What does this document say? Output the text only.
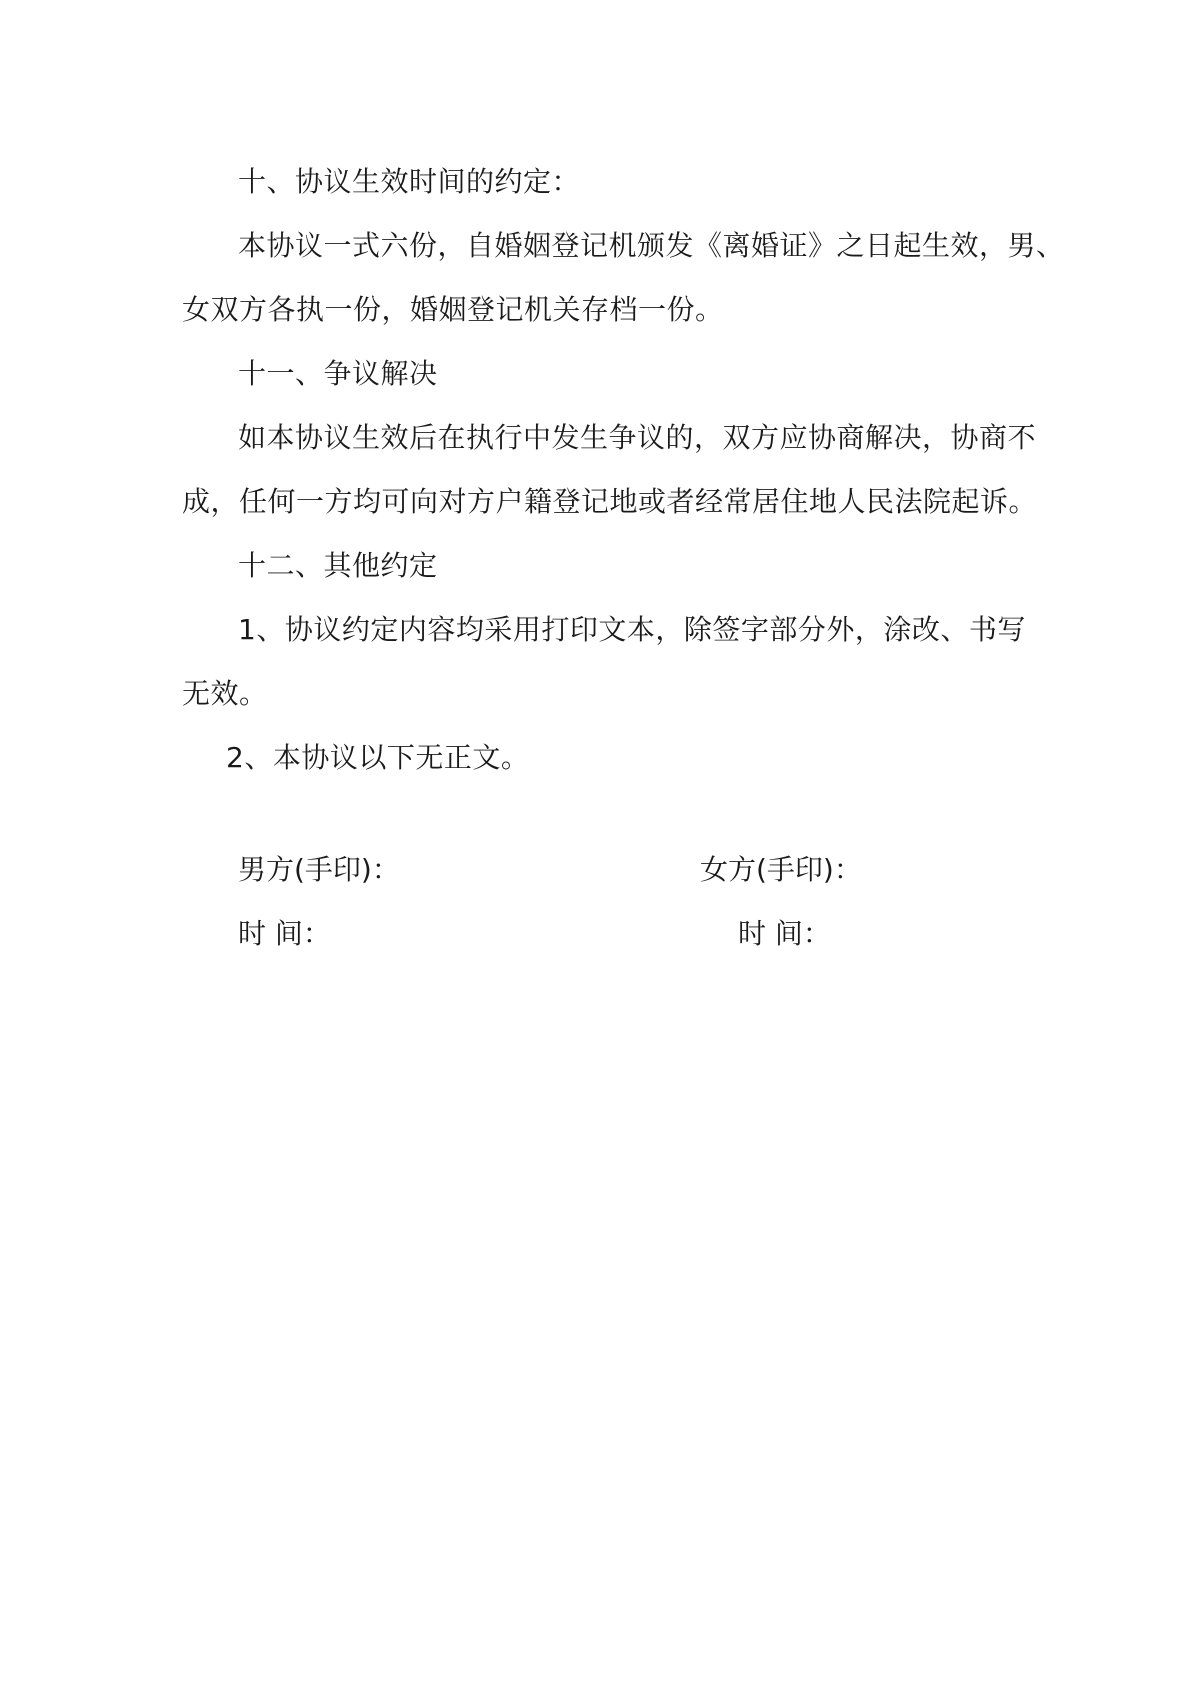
十、协议生效时间的约定：
本协议一式六份，自婚姻登记机颁发《离婚证》之日起生效，男、
女双方各执一份，婚姻登记机关存档一份。
十一、争议解决
如本协议生效后在执行中发生争议的，双方应协商解决，协商不
成，任何一方均可向对方户籍登记地或者经常居住地人民法院起诉。
十二、其他约定
1、协议约定内容均采用打印文本，除签字部分外，涂改、书写
无效。
2、本协议以下无正文。
男方(手印)：	女方(手印)：
时 间：	时 间：
